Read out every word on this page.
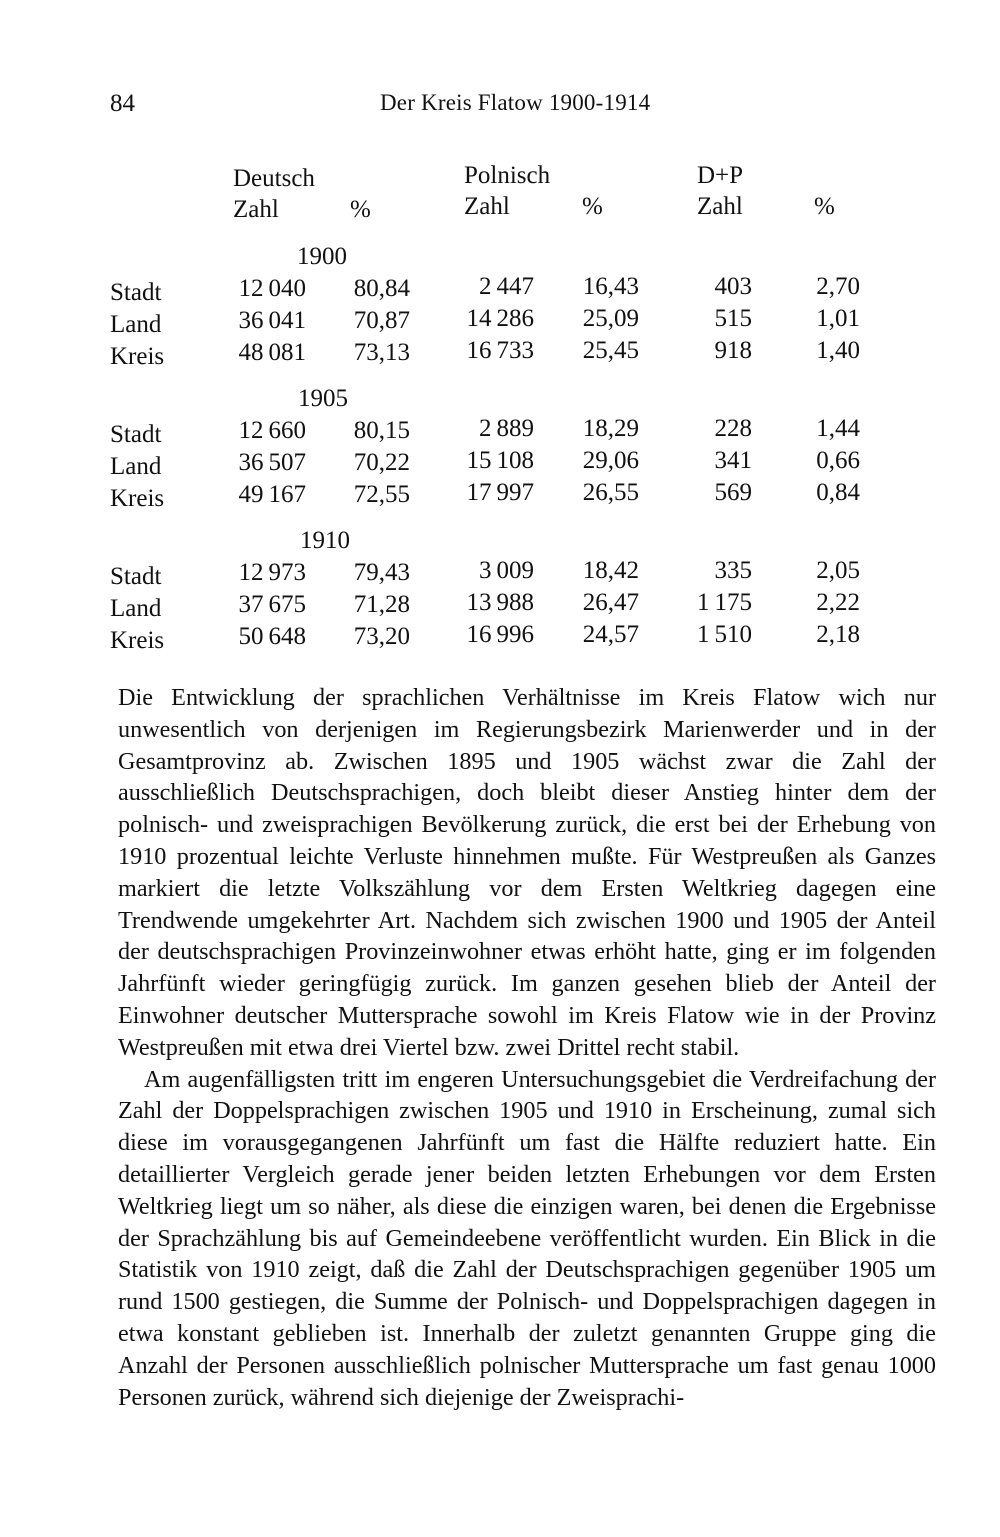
84	Der Kreis Flatow 1900-1914
Deutsch	Polnisch	D+P
Zahl	%	Zahl	%	Zahl	%
1900
Stadt	12 040	80,84	2 447	16,43	403	2,70
Land	36 041	70,87	14 286	25,09	515	1,01
Kreis	48 081	73,13	16 733	25,45	918	1,40
1905
Stadt	12 660	80,15	2 889	18,29	228	1,44
Land	36 507	70,22	15 108	29,06	341	0,66
Kreis	49 167	72,55	17 997	26,55	569	0,84
1910
Stadt	12 973	79,43	3 009	18,42	335	2,05
Land	37 675	71,28	13 988	26,47	1 175	2,22
Kreis	50 648	73,20	16 996	24,57	1 510	2,18

Die Entwicklung der sprachlichen Verhältnisse im Kreis Flatow wich nur unwesentlich von derjenigen im Regierungsbezirk Marienwerder und in der Gesamtprovinz ab. Zwischen 1895 und 1905 wächst zwar die Zahl der ausschließlich Deutschsprachigen, doch bleibt dieser Anstieg hinter dem der polnisch- und zweisprachigen Bevölkerung zurück, die erst bei der Erhebung von 1910 prozentual leichte Verluste hinnehmen mußte. Für Westpreußen als Ganzes markiert die letzte Volkszählung vor dem Ersten Weltkrieg dagegen eine Trendwende umgekehrter Art. Nachdem sich zwischen 1900 und 1905 der Anteil der deutschsprachigen Provinzeinwohner etwas erhöht hatte, ging er im folgenden Jahrfünft wieder geringfügig zurück. Im ganzen gesehen blieb der Anteil der Einwohner deutscher Muttersprache sowohl im Kreis Flatow wie in der Provinz Westpreußen mit etwa drei Viertel bzw. zwei Drittel recht stabil.

Am augenfälligsten tritt im engeren Untersuchungsgebiet die Verdreifachung der Zahl der Doppelsprachigen zwischen 1905 und 1910 in Erscheinung, zumal sich diese im vorausgegangenen Jahrfünft um fast die Hälfte reduziert hatte. Ein detaillierter Vergleich gerade jener beiden letzten Erhebungen vor dem Ersten Weltkrieg liegt um so näher, als diese die einzigen waren, bei denen die Ergebnisse der Sprachzählung bis auf Gemeindeebene veröffentlicht wurden. Ein Blick in die Statistik von 1910 zeigt, daß die Zahl der Deutschsprachigen gegenüber 1905 um rund 1500 gestiegen, die Summe der Polnisch- und Doppelsprachigen dagegen in etwa konstant geblieben ist. Innerhalb der zuletzt genannten Gruppe ging die Anzahl der Personen ausschließlich polnischer Muttersprache um fast genau 1000 Personen zurück, während sich diejenige der Zweisprachi-
